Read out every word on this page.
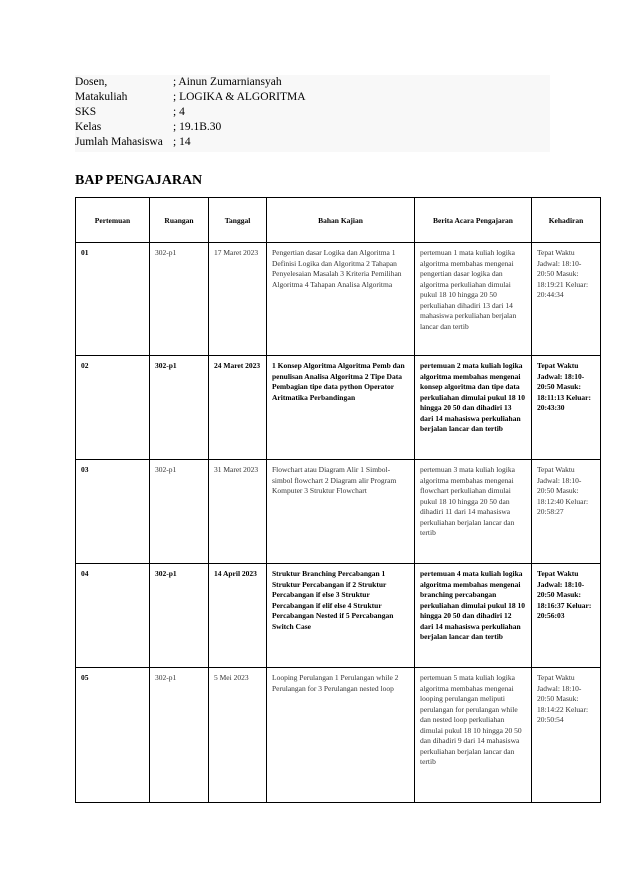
Dosen,	; Ainun Zumarniansyah
Matakuliah	; LOGIKA & ALGORITMA
SKS	; 4
Kelas	; 19.1B.30
Jumlah Mahasiswa ; 14
BAP PENGAJARAN
Pertemuan	Ruangan	Tanggal	Bahan Kajian	Berita Acara Pengajaran	Kehadiran
01	302-p1	17 Maret 2023	Pengertian dasar Logika dan Algoritma 1 Definisi Logika dan Algoritma 2 Tahapan Penyelesaian Masalah 3 Kriteria Pemilihan Algoritma 4 Tahapan Analisa Algoritma	pertemuan 1 mata kuliah logika algoritma membahas mengenai pengertian dasar logika dan algoritma perkuliahan dimulai pukul 18 10 hingga 20 50 perkuliahan dihadiri 13 dari 14 mahasiswa perkuliahan berjalan lancar dan tertib	Tepat Waktu Jadwal: 18:10-20:50 Masuk: 18:19:21 Keluar: 20:44:34
02	302-p1	24 Maret 2023	1 Konsep Algoritma Algoritma Pemb dan penulisan Analisa Algoritma 2 Tipe Data Pembagian tipe data python Operator Aritmatika Perbandingan	pertemuan 2 mata kuliah logika algoritma membahas mengenai konsep algoritma dan tipe data perkuliahan dimulai pukul 18 10 hingga 20 50 dan dihadiri 13 dari 14 mahasiswa perkuliahan berjalan lancar dan tertib	Tepat Waktu Jadwal: 18:10-20:50 Masuk: 18:11:13 Keluar: 20:43:30
03	302-p1	31 Maret 2023	Flowchart atau Diagram Alir 1 Simbol-simbol flowchart 2 Diagram alir Program Komputer 3 Struktur Flowchart	pertemuan 3 mata kuliah logika algoritma membahas mengenai flowchart perkuliahan dimulai pukul 18 10 hingga 20 50 dan dihadiri 11 dari 14 mahasiswa perkuliahan berjalan lancar dan tertib	Tepat Waktu Jadwal: 18:10-20:50 Masuk: 18:12:40 Keluar: 20:58:27
04	302-p1	14 April 2023	Struktur Branching Percabangan 1 Struktur Percabangan if 2 Struktur Percabangan if else 3 Struktur Percabangan if elif else 4 Struktur Percabangan Nested if 5 Percabangan Switch Case	pertemuan 4 mata kuliah logika algoritma membahas mengenai branching percabangan perkuliahan dimulai pukul 18 10 hingga 20 50 dan dihadiri 12 dari 14 mahasiswa perkuliahan berjalan lancar dan tertib	Tepat Waktu Jadwal: 18:10-20:50 Masuk: 18:16:37 Keluar: 20:56:03
05	302-p1	5 Mei 2023	Looping Perulangan 1 Perulangan while 2 Perulangan for 3 Perulangan nested loop	pertemuan 5 mata kuliah logika algoritma membahas mengenai looping perulangan meliputi perulangan for perulangan while dan nested loop perkuliahan dimulai pukul 18 10 hingga 20 50 dan dihadiri 9 dari 14 mahasiswa perkuliahan berjalan lancar dan tertib	Tepat Waktu Jadwal: 18:10-20:50 Masuk: 18:14:22 Keluar: 20:50:54
